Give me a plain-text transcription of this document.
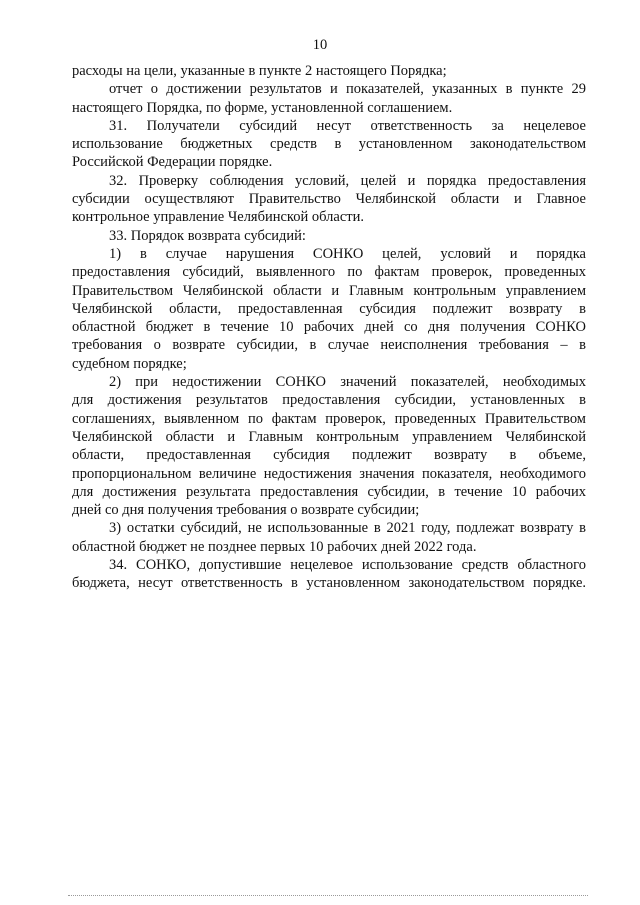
10
расходы на цели, указанные в пункте 2 настоящего Порядка;
отчет о достижении результатов и показателей, указанных в пункте 29
настоящего Порядка, по форме, установленной соглашением.
31. Получатели субсидий несут ответственность за нецелевое
использование бюджетных средств в установленном законодательством
Российской Федерации порядке.
32. Проверку соблюдения условий, целей и порядка предоставления
субсидии осуществляют Правительство Челябинской области и Главное
контрольное управление Челябинской области.
33. Порядок возврата субсидий:
1) в случае нарушения СОНКО целей, условий и порядка
предоставления субсидий, выявленного по фактам проверок, проведенных
Правительством Челябинской области и Главным контрольным управлением
Челябинской области, предоставленная субсидия подлежит возврату в
областной бюджет в течение 10 рабочих дней со дня получения СОНКО
требования о возврате субсидии, в случае неисполнения требования – в
судебном порядке;
2) при недостижении СОНКО значений показателей, необходимых
для достижения результатов предоставления субсидии, установленных в
соглашениях, выявленном по фактам проверок, проведенных Правительством
Челябинской области и Главным контрольным управлением Челябинской
области, предоставленная субсидия подлежит возврату в объеме,
пропорциональном величине недостижения значения показателя, необходимого
для достижения результата предоставления субсидии, в течение 10 рабочих
дней со дня получения требования о возврате субсидии;
3) остатки субсидий, не использованные в 2021 году, подлежат возврату в
областной бюджет не позднее первых 10 рабочих дней 2022 года.
34. СОНКО, допустившие нецелевое использование средств областного
бюджета, несут ответственность в установленном законодательством порядке.
